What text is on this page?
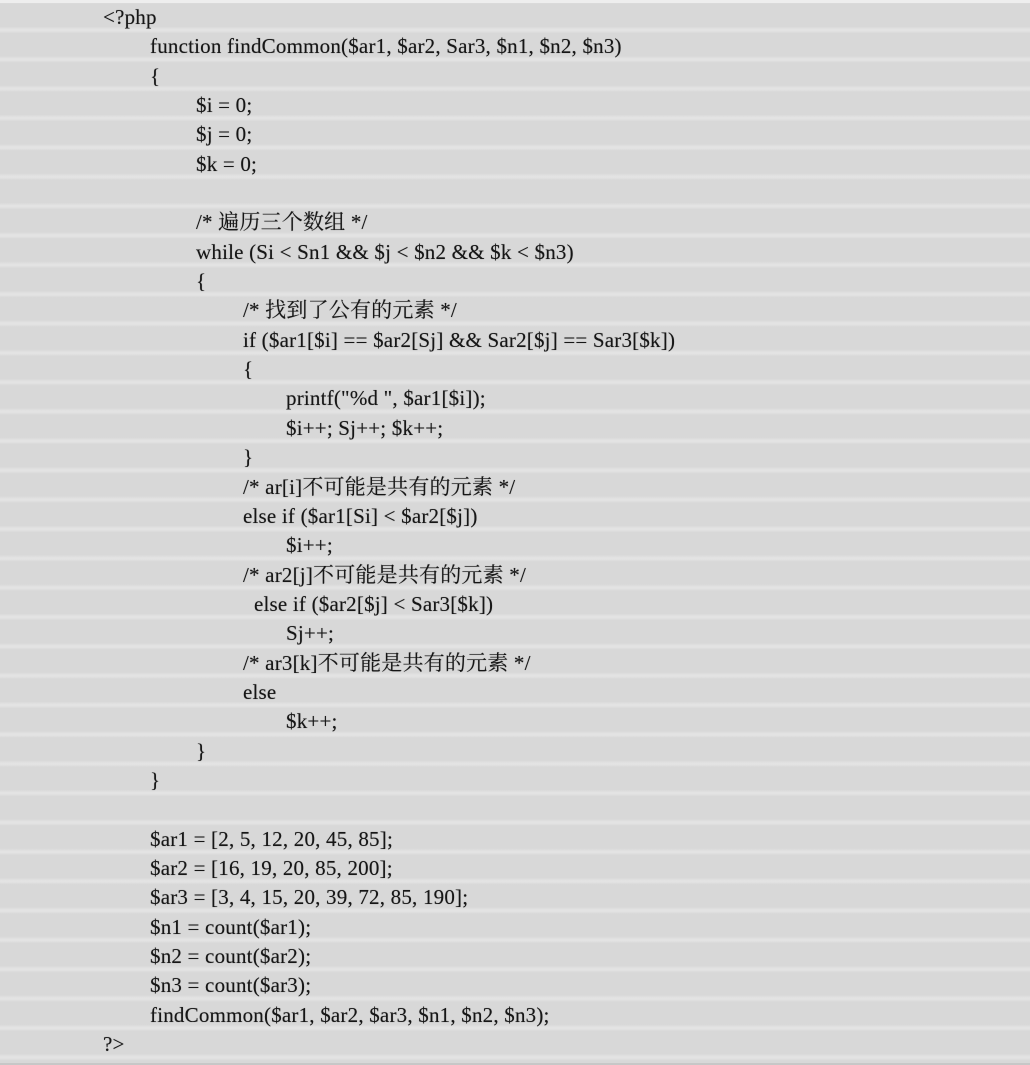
<?php
function findCommon($ar1, $ar2, Sar3, $n1, $n2, $n3)
{
$i = 0;
$j = 0;
$k = 0;
/* 遍历三个数组 */
while (Si < Sn1 && $j < $n2 && $k < $n3)
{
/* 找到了公有的元素 */
if ($ar1[$i] == $ar2[Sj] && Sar2[$j] == Sar3[$k])
{
printf("%d ", $ar1[$i]);
$i++; Sj++; $k++;
}
/* ar[i]不可能是共有的元素 */
else if ($ar1[Si] < $ar2[$j])
$i++;
/* ar2[j]不可能是共有的元素 */
else if ($ar2[$j] < Sar3[$k])
Sj++;
/* ar3[k]不可能是共有的元素 */
else
$k++;
}
}
$ar1 = [2, 5, 12, 20, 45, 85];
$ar2 = [16, 19, 20, 85, 200];
$ar3 = [3, 4, 15, 20, 39, 72, 85, 190];
$n1 = count($ar1);
$n2 = count($ar2);
$n3 = count($ar3);
findCommon($ar1, $ar2, $ar3, $n1, $n2, $n3);
?>
